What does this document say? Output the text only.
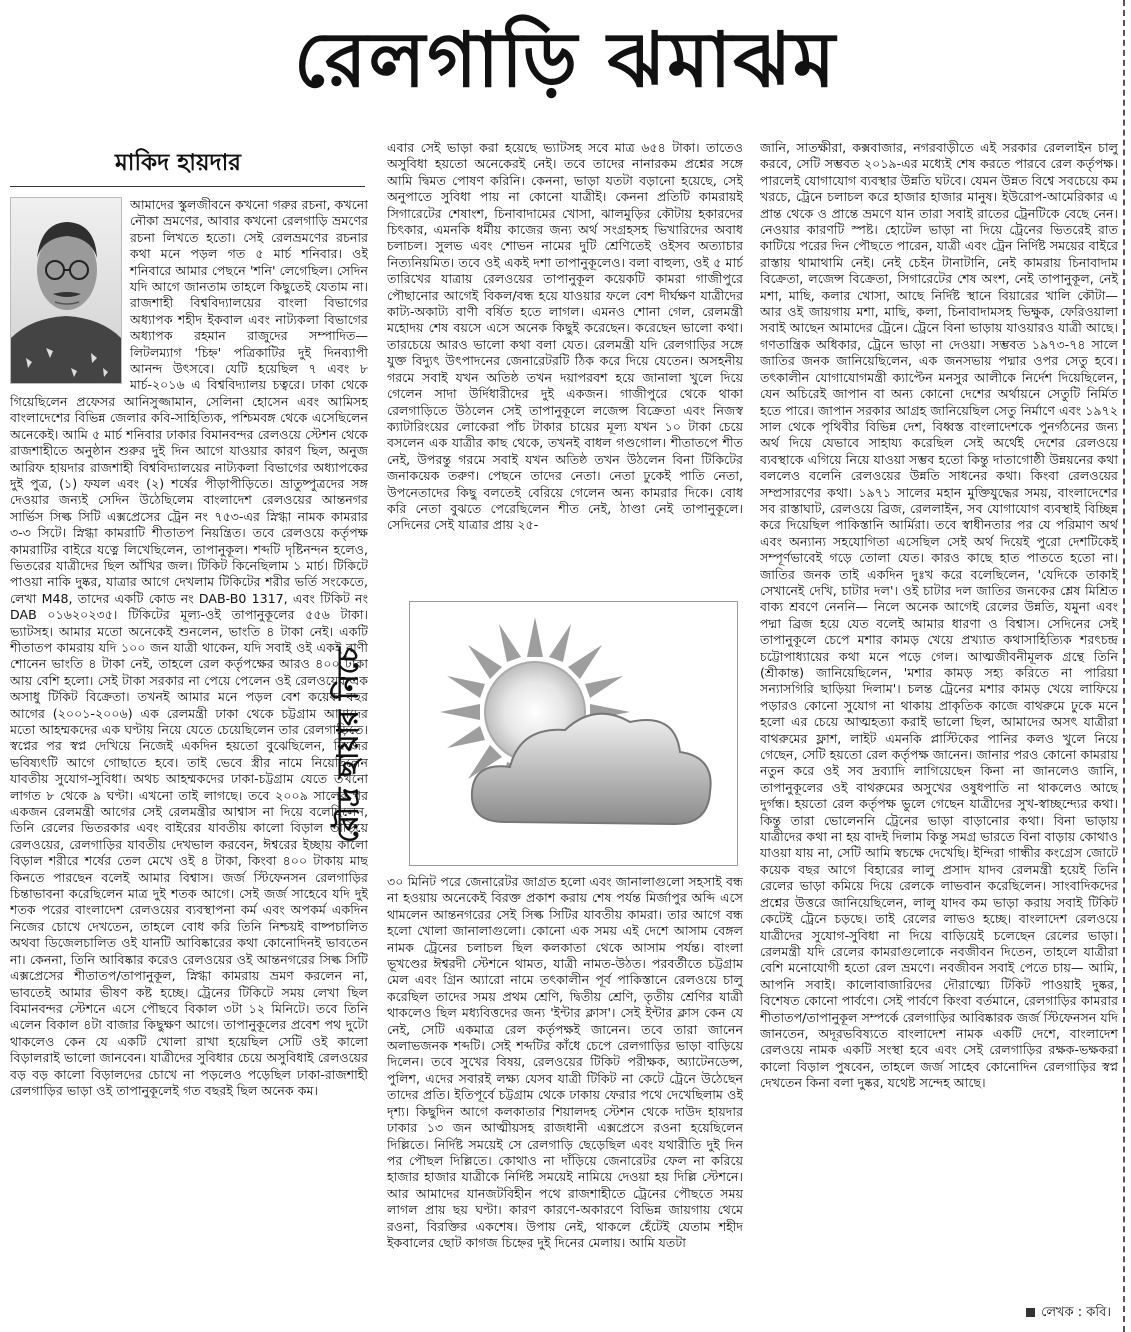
রেলগাড়ি ঝমাঝম
মাকিদ হায়দার

আমাদের স্কুলজীবনে কখনো গরুর রচনা, কখনো নৌকা ভ্রমণের, আবার কখনো রেলগাড়ি ভ্রমণের রচনা লিখতে হতো। সেই রেলভ্রমণের রচনার কথা মনে পড়ল গত ৫ মার্চ শনিবার। ওই শনিবারে আমার পেছনে 'শনি' লেগেছিল। সেদিন যদি আগে জানতাম তাহলে কিছুতেই যেতাম না। রাজশাহী বিশ্ববিদ্যালয়ের বাংলা বিভাগের অধ্যাপক শহীদ ইকবাল এবং নাট্যকলা বিভাগের অধ্যাপক রহমান রাজুদের সম্পাদিত— লিটলম্যাগ 'চিহ্ন' পত্রিকাটির দুই দিনব্যাপী আনন্দ উৎসবে। যেটি হয়েছিল ৭ এবং ৮ মার্চ-২০১৬ এ বিশ্ববিদ্যালয় চত্বরে। ঢাকা থেকে গিয়েছিলেন প্রফেসর আনিসুজ্জামান, সেলিনা হোসেন এবং আমিসহ বাংলাদেশের বিভিন্ন জেলার কবি-সাহিত্যিক, পশ্চিমবঙ্গ থেকে এসেছিলেন অনেকেই। আমি ৫ মার্চ শনিবার ঢাকার বিমানবন্দর রেলওয়ে স্টেশন থেকে রাজশাহীতে অনুষ্ঠান শুরুর দুই দিন আগে যাওয়ার কারণ ছিল, অনুজ আরিফ হায়দার রাজশাহী বিশ্ববিদ্যালয়ের নাট্যকলা বিভাগের অধ্যাপকের দুই পুত্র, (১) ফযল এবং (২) শর্ষের পীড়াপীড়িতে। ভ্রাতুষ্পুত্রদের সঙ্গ দেওয়ার জন্যই সেদিন উঠেছিলেম বাংলাদেশ রেলওয়ের আন্তনগর সার্ভিস সিল্ক সিটি এক্সপ্রেসের ট্রেন নং ৭৫৩-এর স্নিগ্ধা নামক কামরার ৩-৩ সিটে। স্নিগ্ধা কামরাটি শীতাতপ নিয়ন্ত্রিত। তবে রেলওয়ে কর্তৃপক্ষ কামরাটির বাইরে যত্নে লিখেছিলেন, তাপানুকূল। শব্দটি দৃষ্টিনন্দন হলেও, ভিতরের যাত্রীদের ছিল আঁখির জল। টিকিট কিনেছিলাম ১ মার্চ। টিকিটে পাওয়া নাকি দুষ্কর, যাত্রার আগে দেখলাম টিকিটের শরীর ভর্তি সংকেতে, লেখা M48, তাদের একটি কোড নং DAB-B0 1317, এবং টিকিট নং DAB ০১৬২০২৩৫। টিকিটের মূল্য-ওই তাপানুকূলের ৫৫৬ টাকা। ভ্যাটসহ। আমার মতো অনেকেই শুনলেন, ভাংতি ৪ টাকা নেই। একটি শীতাতপ কামরায় যদি ১০০ জন যাত্রী থাকেন, যদি সবাই ওই একই বাণী শোনেন ভাংতি ৪ টাকা নেই, তাহলে রেল কর্তৃপক্ষের আরও ৪০০ টাকা আয় বেশি হলো। সেই টাকা সরকার না পেয়ে পেলেন ওই রেলওয়ের এক অসাধু টিকিট বিক্রেতা। তখনই আমার মনে পড়ল বেশ কয়েক বছর আগের (২০০১-২০০৬) এক রেলমন্ত্রী ঢাকা থেকে চট্টগ্রাম আমাদের মতো আহম্মকদের এক ঘণ্টায় নিয়ে যেতে চেয়েছিলেন তার রেলগাড়িতে। স্বপ্নের পর স্বপ্ন দেখিয়ে নিজেই একদিন হয়তো বুঝেছিলেন, নিজের ভবিষ্যৎটি আগে গোছাতে হবে। তাই ভেবে স্ত্রীর নামে নিয়েছিলেন যাবতীয় সুযোগ-সুবিধা। অথচ আহম্মকদের ঢাকা-চট্টগ্রাম যেতে তখনো লাগত ৮ থেকে ৯ ঘণ্টা। এখনো তাই লাগছে। তবে ২০০৯ সালের পর একজন রেলমন্ত্রী আগের সেই রেলমন্ত্রীর আশ্বাস না দিয়ে বলেছিলেন, তিনি রেলের ভিতরকার এবং বাইরের যাবতীয় কালো বিড়াল তাড়িয়ে রেলওয়ের, রেলগাড়ির যাবতীয় দেখভাল করবেন, ঈশ্বরের ইচ্ছায় কালো বিড়াল শরীরে শর্ষের তেল মেখে ওই ৪ টাকা, কিংবা ৪০০ টাকায় মাছ কিনতে পারছেন বলেই আমার বিশ্বাস। জর্জ স্টিফেনসন রেলগাড়ির চিন্তাভাবনা করেছিলেন মাত্র দুই শতক আগে। সেই জর্জ সাহেবে যদি দুই শতক পরের বাংলাদেশ রেলওয়ের ব্যবস্থাপনা কর্ম এবং অপকর্ম একদিন নিজের চোখে দেখতেন, তাহলে বোধ করি তিনি নিশ্চয়ই বাষ্পচালিত অথবা ডিজেলচালিত ওই যানটি আবিষ্কারের কথা কোনোদিনই ভাবতেন না। কেননা, তিনি আবিষ্কার করেও রেলওয়ের ওই আন্তনগরের সিল্ক সিটি এক্সপ্রেসের শীতাতপ/তাপানুকূল, স্নিগ্ধা কামরায় ভ্রমণ করলেন না, ভাবতেই আমার ভীষণ কষ্ট হচ্ছে। ট্রেনের টিকিটে সময় লেখা ছিল বিমানবন্দর স্টেশনে এসে পৌছবে বিকাল ৩টা ১২ মিনিটে। তবে তিনি এলেন বিকাল ৪টা বাজার কিছুক্ষণ আগে। তাপানুকূলের প্রবেশ পথ দুটো থাকলেও কেন যে একটি খোলা রাখা হয়েছিল সেটি ওই কালো বিড়ালরাই ভালো জানবেন। যাত্রীদের সুবিধার চেয়ে অসুবিধাই রেলওয়ের বড় বড় কালো বিড়ালদের চোখে না পড়লেও পড়েছিল ঢাকা-রাজশাহী রেলগাড়ির ভাড়া ওই তাপানুকূলেই গত বছরই ছিল অনেক কম।

রৌদ্র ছায়ার নিচে

এবার সেই ভাড়া করা হয়েছে ভ্যাটসহ সবে মাত্র ৬৫৪ টাকা। তাতেও অসুবিধা হয়তো অনেকেরই নেই। তবে তাদের নানারকম প্রশ্নের সঙ্গে আমি দ্বিমত পোষণ করিনি। কেননা, ভাড়া যতটা বড়ানো হয়েছে, সেই অনুপাতে সুবিধা পায় না কোনো যাত্রীই। কেননা প্রতিটি কামরায়ই সিগারেটের শেষাংশ, চিনাবাদামের খোসা, ঝালমুড়ির কৌটায় হকারদের চিৎকার, এমনকি ধর্মীয় কাজের জন্য অর্থ সংগ্রহসহ ভিখারিদের অবাধ চলাচল। সুলভ এবং শোভন নামের দুটি শ্রেণিতেই ওইসব অত্যাচার নিত্যনিয়মিত। তবে ওই একই দশা তাপানুকূলেও। বলা বাহুল্য, ওই ৫ মার্চ তারিখের যাত্রায় রেলওয়ের তাপানুকূল কয়েকটি কামরা গাজীপুরে পৌছানোর আগেই বিকল/বন্ধ হয়ে যাওয়ার ফলে বেশ দীর্ঘক্ষণ যাত্রীদের কাট্য-অকাট্য বাণী বর্ষিত হতে লাগল। এমনও শোনা গেল, রেলমন্ত্রী মহোদয় শেষ বয়সে এসে অনেক কিছুই করেছেন। করেছেন ভালো কথা। তারচেয়ে আরও ভালো কথা বলা যেত। রেলমন্ত্রী যদি রেলগাড়ির সঙ্গে যুক্ত বিদ্যুৎ উৎপাদনের জেনারেটরটি ঠিক করে দিয়ে যেতেন। অসহনীয় গরমে সবাই যখন অতিষ্ঠ তখন দয়াপরবশ হয়ে জানালা খুলে দিয়ে গেলেন সাদা উর্দিধারীদের দুই একজন। গাজীপুরে থেকে থাকা রেলগাড়িতে উঠলেন সেই তাপানুকূলে লজেন্স বিক্রেতা এবং নিজস্ব ক্যাটারিংয়ের লোকেরা পাঁচ টাকার চায়ের মূল্য যখন ১০ টাকা চেয়ে বসলেন এক যাত্রীর কাছ থেকে, তখনই বাধল গণ্ডগোল। শীতাতপে শীত নেই, উপরন্তু গরমে সবাই যখন অতিষ্ঠ তখন উঠলেন বিনা টিকিটের জনাকয়েক তরুণ। পেছনে তাদের নেতা। নেতা ঢুকেই পাতি নেতা, উপনেতাদের কিছু বলতেই বেরিয়ে গেলেন অন্য কামরার দিকে। বোধ করি নেতা বুঝতে পেরেছিলেন শীত নেই, ঠাণ্ডা নেই তাপানুকূলে। সেদিনের সেই যাত্রার প্রায় ২৫-

৩০ মিনিট পরে জেনারেটর জাগ্রত হলো এবং জানালাগুলো সহসাই বন্ধ না হওয়ায় অনেকেই বিরক্ত প্রকাশ করায় শেষ পর্যন্ত মির্জাপুর অব্দি এসে থামলেন আন্তনগরের সেই সিল্ক সিটির যাবতীয় কামরা। তার আগে বন্ধ হলো খোলা জানালাগুলো। কোনো এক সময় এই দেশে আসাম বেঙ্গল নামক ট্রেনের চলাচল ছিল কলকাতা থেকে আসাম পর্যন্ত। বাংলা ভূখণ্ডের ঈশ্বরদী স্টেশনে থামত, যাত্রী নামত-উঠত। পরবর্তীতে চট্টগ্রাম মেল এবং গ্রিন অ্যারো নামে তৎকালীন পূর্ব পাকিস্তানে রেলওয়ে চালু করেছিল তাদের সময় প্রথম শ্রেণি, দ্বিতীয় শ্রেণি, তৃতীয় শ্রেণির যাত্রী থাকলেও ছিল মধ্যবিত্তদের জন্য 'ইন্টার ক্লাস'। সেই ইন্টার ক্লাস কেন যে নেই, সেটি একমাত্র রেল কর্তৃপক্ষই জানেন। তবে তারা জানেন অলাভজনক শব্দটি। সেই শব্দটির কাঁধে চেপে রেলগাড়ির ভাড়া বাড়িয়ে দিলেন। তবে সুখের বিষয়, রেলওয়ের টিকিট পরীক্ষক, অ্যাটেনডেন্স, পুলিশ, এদের সবারই লক্ষ্য যেসব যাত্রী টিকিট না কেটে ট্রেনে উঠেছেন তাদের প্রতি। ইতিপূর্বে চট্টগ্রাম থেকে ঢাকায় ফেরার পথে দেখেছিলাম ওই দৃশ্য। কিছুদিন আগে কলকাতার শিয়ালদহ স্টেশন থেকে দাউদ হায়দার ঢাকার ১৩ জন আত্মীয়সহ রাজধানী এক্সপ্রেসে রওনা হয়েছিলেন দিল্লিতে। নির্দিষ্ট সময়েই সে রেলগাড়ি ছেড়েছিল এবং যথারীতি দুই দিন পর পৌছল দিল্লিতে। কোথাও না দাঁড়িয়ে জেনারেটর ফেল না করিয়ে হাজার হাজার যাত্রীকে নির্দিষ্ট সময়েই নামিয়ে দেওয়া হয় দিল্লি স্টেশনে। আর আমাদের যানজটবিহীন পথে রাজশাহীতে ট্রেনের পৌছতে সময় লাগল প্রায় ছয় ঘণ্টা। কারণ কারণে-অকারণে বিভিন্ন জায়গায় থেমে রওনা, বিরক্তির একশেষ। উপায় নেই, থাকলে হেঁটেই যেতাম শহীদ ইকবালের ছোট কাগজ চিহ্নের দুই দিনের মেলায়। আমি যতটা

জানি, সাতক্ষীরা, কক্সবাজার, নগরবাড়ীতে এই সরকার রেললাইন চালু করবে, সেটি সম্ভবত ২০১৯-এর মধ্যেই শেষ করতে পারবে রেল কর্তৃপক্ষ। পারলেই যোগাযোগ ব্যবস্থার উন্নতি ঘটবে। যেমন উন্নত বিশ্বে সবচেয়ে কম খরচে, ট্রেনে চলাচল করে হাজার হাজার মানুষ। ইউরোপ-আমেরিকার এ প্রান্ত থেকে ও প্রান্তে ভ্রমণে যান তারা সবাই রাতের ট্রেনটিকে বেছে নেন। নেওয়ার কারণটি স্পষ্ট। হোটেল ভাড়া না দিয়ে ট্রেনের ভিতরেই রাত কাটিয়ে পরের দিন পৌছতে পারেন, যাত্রী এবং ট্রেন নির্দিষ্ট সময়ের বাইরে রাস্তায় থামাথামি নেই। নেই চেইন টানাটানি, নেই কামরায় চিনাবাদাম বিক্রেতা, লজেন্স বিক্রেতা, সিগারেটের শেষ অংশ, নেই তাপানুকূল, নেই মশা, মাছি, কলার খোসা, আছে নির্দিষ্ট স্থানে বিয়ারের খালি কৌটা— আর ওই জায়গায় মশা, মাছি, কলা, চিনাবাদামসহ ভিক্ষুক, ফেরিওয়ালা সবাই আছেন আমাদের ট্রেনে। ট্রেনে বিনা ভাড়ায় যাওয়ারও যাত্রী আছে। গণতান্ত্রিক অধিকার, ট্রেনে ভাড়া না দেওয়া। সম্ভবত ১৯৭৩-৭৪ সালে জাতির জনক জানিয়েছিলেন, এক জনসভায় পদ্মার ওপর সেতু হবে। তৎকালীন যোগাযোগমন্ত্রী ক্যাপ্টেন মনসুর আলীকে নির্দেশ দিয়েছিলেন, যেন অচিরেই জাপান বা অন্য কোনো দেশের অর্থায়নে সেতুটি নির্মিত হতে পারে। জাপান সরকার আগ্রহ জানিয়েছিল সেতু নির্মাণে এবং ১৯৭২ সাল থেকে পৃথিবীর বিভিন্ন দেশ, বিধ্বস্ত বাংলাদেশকে পুনর্গঠনের জন্য অর্থ দিয়ে যেভাবে সাহায্য করেছিল সেই অর্থেই দেশের রেলওয়ে ব্যবস্থাকে এগিয়ে নিয়ে যাওয়া সম্ভব হতো কিন্তু দাতাগোষ্ঠী উন্নয়নের কথা বললেও বলেনি রেলওয়ের উন্নতি সাধনের কথা। কিংবা রেলওয়ের সম্প্রসারণের কথা। ১৯৭১ সালের মহান মুক্তিযুদ্ধের সময়, বাংলাদেশের সব রাস্তাঘাট, রেলওয়ে ব্রিজ, রেললাইন, সব যোগাযোগ ব্যবস্থাই বিচ্ছিন্ন করে দিয়েছিল পাকিস্তানি আর্মিরা। তবে স্বাধীনতার পর যে পরিমাণ অর্থ এবং অন্যান্য সহযোগিতা এসেছিল সেই অর্থ দিয়েই পুরো দেশটিকেই সম্পূর্ণভাবেই গড়ে তোলা যেত। কারও কাছে হাত পাততে হতো না। জাতির জনক তাই একদিন দুঃখ করে বলেছিলেন, 'যেদিকে তাকাই সেখানেই দেখি, চাটার দল'। ওই চাটার দল জাতির জনকের শ্লেষ মিশ্রিত বাক্য শ্রবণে নেননি— নিলে অনেক আগেই রেলের উন্নতি, যমুনা এবং পদ্মা ব্রিজ হয়ে যেত বলেই আমার ধারণা ও বিশ্বাস। সেদিনের সেই তাপানুকূলে চেপে মশার কামড় খেয়ে প্রখ্যাত কথাসাহিত্যিক শরৎচন্দ্র চট্টোপাধ্যায়ের কথা মনে পড়ে গেল। আত্মজীবনীমূলক গ্রন্থে তিনি (শ্রীকান্ত) জানিয়েছিলেন, 'মশার কামড় সহ্য করিতে না পারিয়া সন্যাসগিরি ছাড়িয়া দিলাম'। চলন্ত ট্রেনের মশার কামড় খেয়ে লাফিয়ে পড়ারও কোনো সুযোগ না থাকায় প্রাকৃতিক কাজে বাথরুমে ঢুকে মনে হলো এর চেয়ে আত্মহত্যা করাই ভালো ছিল, আমাদের অসৎ যাত্রীরা বাথরুমের ফ্লাশ, লাইট এমনকি প্লাস্টিকের পানির কলও খুলে নিয়ে গেছেন, সেটি হয়তো রেল কর্তৃপক্ষ জানেন। জানার পরও কোনো কামরায় নতুন করে ওই সব দ্রব্যাদি লাগিয়েছেন কিনা না জানলেও জানি, তাপানুকূলের ওই বাথরুমের অসুখের ওষুধপাতি না থাকলেও আছে দুর্গন্ধ। হয়তো রেল কর্তৃপক্ষ ভুলে গেছেন যাত্রীদের সুখ-স্বাচ্ছন্দ্যের কথা। কিন্তু তারা ভোলেননি ট্রেনের ভাড়া বাড়ানোর কথা। বিনা ভাড়ায় যাত্রীদের কথা না হয় বাদই দিলাম কিন্তু সমগ্র ভারতে বিনা বাড়ায় কোথাও যাওয়া যায় না, সেটি আমি স্বচক্ষে দেখেছি। ইন্দিরা গান্ধীর কংগ্রেস জোটে কয়েক বছর আগে বিহারের লালু প্রসাদ যাদব রেলমন্ত্রী হয়েই তিনি রেলের ভাড়া কমিয়ে দিয়ে রেলকে লাভবান করেছিলেন। সাংবাদিকদের প্রশ্নের উত্তরে জানিয়েছিলেন, লালু যাদব কম ভাড়া করায় সবাই টিকিট কেটেই ট্রেনে চড়ছে। তাই রেলের লাভও হচ্ছে। বাংলাদেশ রেলওয়ে যাত্রীদের সুযোগ-সুবিধা না দিয়ে বাড়িয়েই চলেছেন রেলের ভাড়া। রেলমন্ত্রী যদি রেলের কামরাগুলোকে নবজীবন দিতেন, তাহলে যাত্রীরা বেশি মনোযোগী হতো রেল ভ্রমণে। নবজীবন সবাই পেতে চায়— আমি, আপনি সবাই। কালোবাজারিদের দৌরাত্ম্যে টিকিট পাওয়াই দুষ্কর, বিশেষত কোনো পার্বণে। সেই পার্বণে কিংবা বর্তমানে, রেলগাড়ির কামরার শীতাতপ/তাপানুকূল সম্পর্কে রেলগাড়ির আবিষ্কারক জর্জ স্টিফেনসন যদি জানতেন, অদূরভবিষ্যতে বাংলাদেশ নামক একটি দেশে, বাংলাদেশ রেলওয়ে নামক একটি সংস্থা হবে এবং সেই রেলগাড়ির রক্ষক-ভক্ষকরা কালো বিড়াল পুষবেন, তাহলে জর্জ সাহেব কোনোদিন রেলগাড়ির স্বপ্ন দেখতেন কিনা বলা দুষ্কর, যথেষ্ট সন্দেহ আছে।

লেখক : কবি।
